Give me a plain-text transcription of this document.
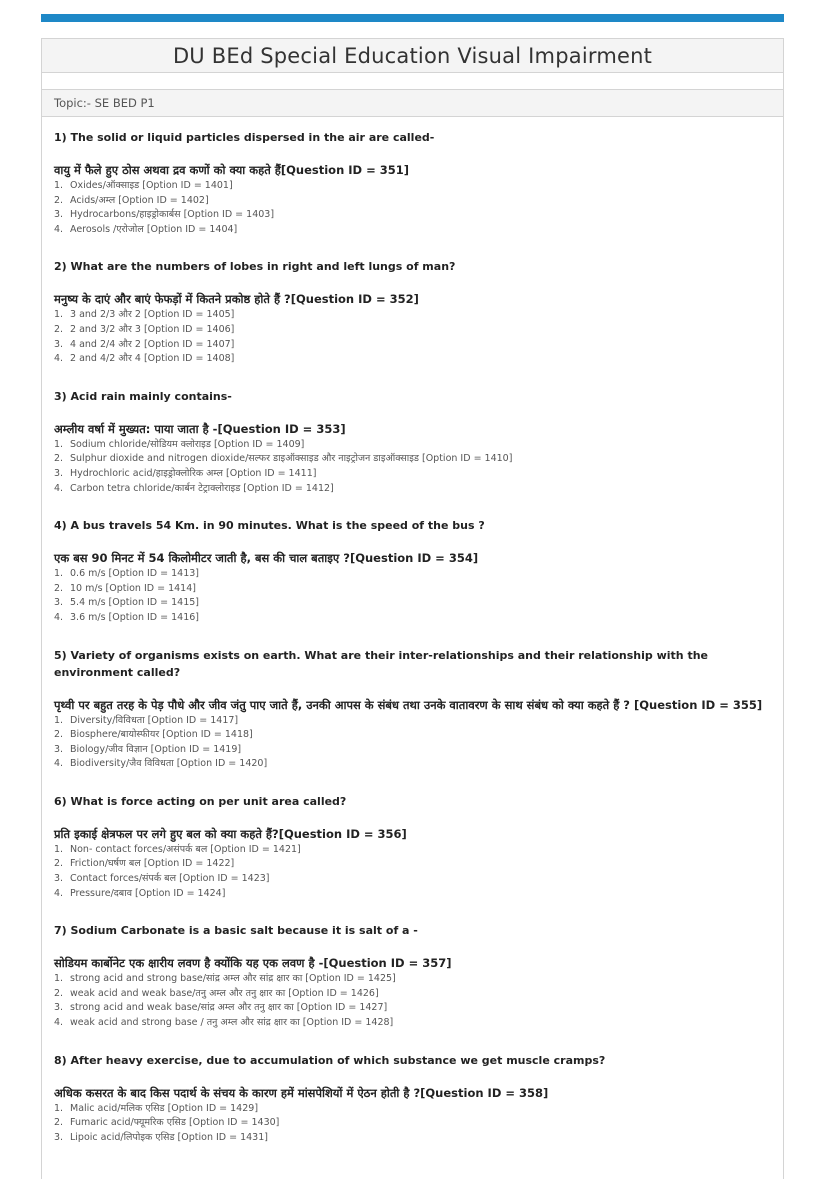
DU BEd Special Education Visual Impairment
Topic:- SE BED P1

1) The solid or liquid particles dispersed in the air are called-

वायु में फैले हुए ठोस अथवा द्रव कणों को क्या कहते हैं[Question ID = 351]

1. Oxides/ऑक्साइड [Option ID = 1401]
2. Acids/अम्ल [Option ID = 1402]
3. Hydrocarbons/हाइड्रोकार्बस [Option ID = 1403]
4. Aerosols /एरोजोल [Option ID = 1404]

2) What are the numbers of lobes in right and left lungs of man?

मनुष्य के दाएं और बाएं फेफड़ों में कितने प्रकोष्ठ होते हैं ?[Question ID = 352]

1. 3 and 2/3 और 2 [Option ID = 1405]
2. 2 and 3/2 और 3 [Option ID = 1406]
3. 4 and 2/4 और 2 [Option ID = 1407]
4. 2 and 4/2 और 4 [Option ID = 1408]

3) Acid rain mainly contains-

अम्लीय वर्षा में मुख्यत: पाया जाता है -[Question ID = 353]

1. Sodium chloride/सोडियम क्लोराइड [Option ID = 1409]
2. Sulphur dioxide and nitrogen dioxide/सल्फर डाइऑक्साइड और नाइट्रोजन डाइऑक्साइड [Option ID = 1410]
3. Hydrochloric acid/हाइड्रोक्लोरिक अम्ल [Option ID = 1411]
4. Carbon tetra chloride/कार्बन टेट्राक्लोराइड [Option ID = 1412]

4) A bus travels 54 Km. in 90 minutes. What is the speed of the bus ?

एक बस 90 मिनट में 54 किलोमीटर जाती है, बस की चाल बताइए ?[Question ID = 354]

1. 0.6 m/s [Option ID = 1413]
2. 10 m/s [Option ID = 1414]
3. 5.4 m/s [Option ID = 1415]
4. 3.6 m/s [Option ID = 1416]

5) Variety of organisms exists on earth. What are their inter-relationships and their relationship with the environment called?

पृथ्वी पर बहुत तरह के पेड़ पौधे और जीव जंतु पाए जाते हैं, उनकी आपस के संबंध तथा उनके वातावरण के साथ संबंध को क्या कहते हैं ? [Question ID = 355]

1. Diversity/विविधता [Option ID = 1417]
2. Biosphere/बायोस्फीयर [Option ID = 1418]
3. Biology/जीव विज्ञान [Option ID = 1419]
4. Biodiversity/जैव विविधता [Option ID = 1420]

6) What is force acting on per unit area called?

प्रति इकाई क्षेत्रफल पर लगे हुए बल को क्या कहते हैं?[Question ID = 356]

1. Non- contact forces/असंपर्क बल [Option ID = 1421]
2. Friction/घर्षण बल [Option ID = 1422]
3. Contact forces/संपर्क बल [Option ID = 1423]
4. Pressure/दबाव [Option ID = 1424]

7) Sodium Carbonate is a basic salt because it is salt of a -

सोडियम कार्बोनेट एक क्षारीय लवण है क्योंकि यह एक लवण है -[Question ID = 357]

1. strong acid and strong base/सांद्र अम्ल और सांद्र क्षार का [Option ID = 1425]
2. weak acid and weak base/तनु अम्ल और तनु क्षार का [Option ID = 1426]
3. strong acid and weak base/सांद्र अम्ल और तनु क्षार का [Option ID = 1427]
4. weak acid and strong base / तनु अम्ल और सांद्र क्षार का [Option ID = 1428]

8) After heavy exercise, due to accumulation of which substance we get muscle cramps?

अधिक कसरत के बाद किस पदार्थ के संचय के कारण हमें मांसपेशियों में ऐठन होती है ?[Question ID = 358]

1. Malic acid/मलिक एसिड [Option ID = 1429]
2. Fumaric acid/फ्यूमरिक एसिड [Option ID = 1430]
3. Lipoic acid/लिपोइक एसिड [Option ID = 1431]
